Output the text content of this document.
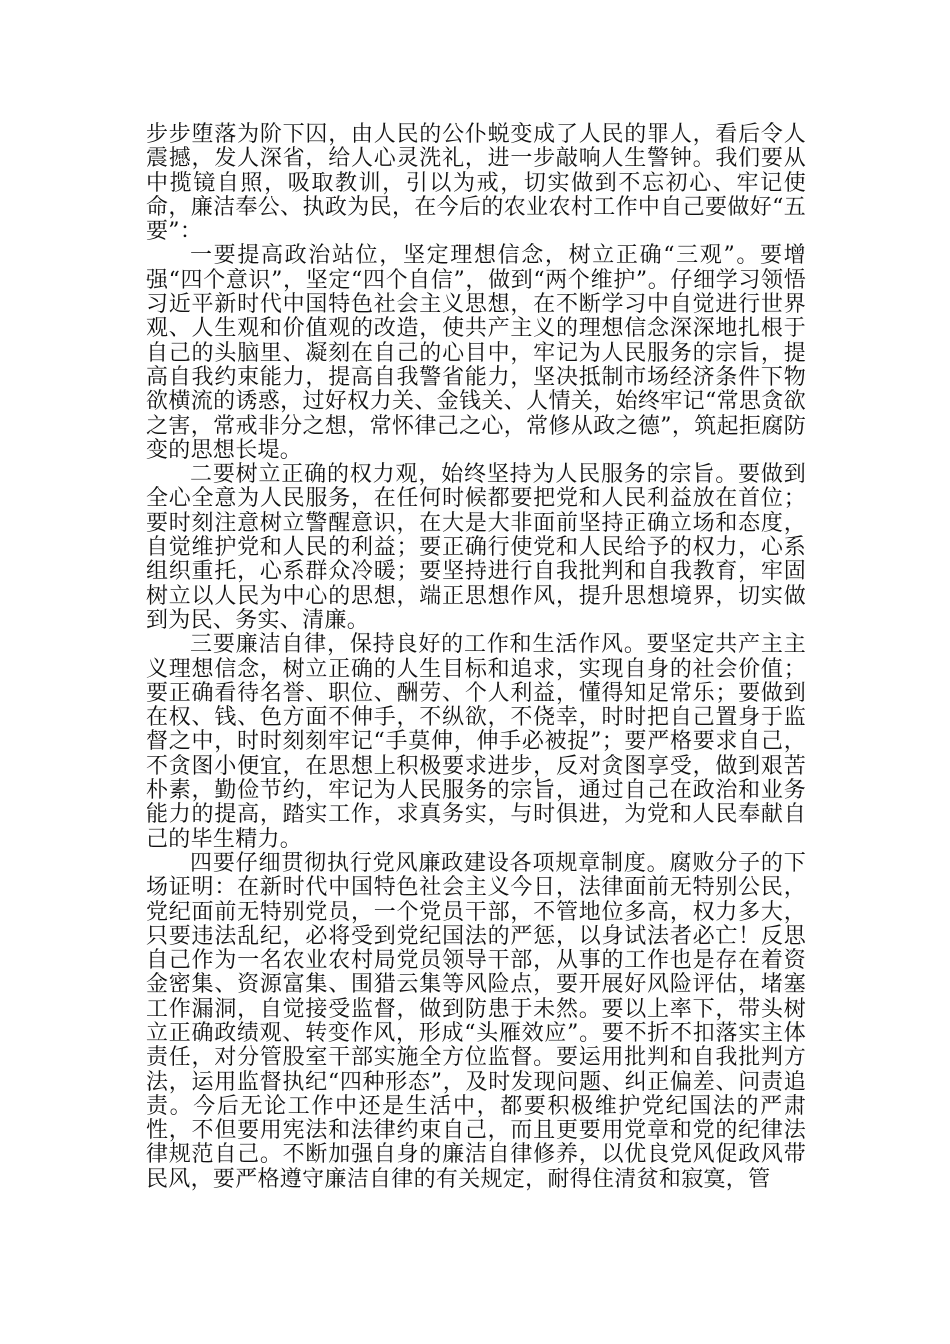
步步堕落为阶下囚，由人民的公仆蜕变成了人民的罪人，看后令人震撼，发人深省，给人心灵洗礼，进一步敲响人生警钟。我们要从中揽镜自照，吸取教训，引以为戒，切实做到不忘初心、牢记使命，廉洁奉公、执政为民，在今后的农业农村工作中自己要做好“五要”：

一要提高政治站位，坚定理想信念，树立正确“三观”。要增强“四个意识”，坚定“四个自信”，做到“两个维护”。仔细学习领悟习近平新时代中国特色社会主义思想，在不断学习中自觉进行世界观、人生观和价值观的改造，使共产主义的理想信念深深地扎根于自己的头脑里、凝刻在自己的心目中，牢记为人民服务的宗旨，提高自我约束能力，提高自我警省能力，坚决抵制市场经济条件下物欲横流的诱惑，过好权力关、金钱关、人情关，始终牢记“常思贪欲之害，常戒非分之想，常怀律己之心，常修从政之德”，筑起拒腐防变的思想长堤。

二要树立正确的权力观，始终坚持为人民服务的宗旨。要做到全心全意为人民服务，在任何时候都要把党和人民利益放在首位；要时刻注意树立警醒意识，在大是大非面前坚持正确立场和态度，自觉维护党和人民的利益；要正确行使党和人民给予的权力，心系组织重托，心系群众冷暖；要坚持进行自我批判和自我教育，牢固树立以人民为中心的思想，端正思想作风，提升思想境界，切实做到为民、务实、清廉。

三要廉洁自律，保持良好的工作和生活作风。要坚定共产主主义理想信念，树立正确的人生目标和追求，实现自身的社会价值；要正确看待名誉、职位、酬劳、个人利益，懂得知足常乐；要做到在权、钱、色方面不伸手，不纵欲，不侥幸，时时把自己置身于监督之中，时时刻刻牢记“手莫伸，伸手必被捉”；要严格要求自己，不贪图小便宜，在思想上积极要求进步，反对贪图享受，做到艰苦朴素，勤俭节约，牢记为人民服务的宗旨，通过自己在政治和业务能力的提高，踏实工作，求真务实，与时俱进，为党和人民奉献自己的毕生精力。

四要仔细贯彻执行党风廉政建设各项规章制度。腐败分子的下场证明：在新时代中国特色社会主义今日，法律面前无特别公民，党纪面前无特别党员，一个党员干部，不管地位多高，权力多大，只要违法乱纪，必将受到党纪国法的严惩，以身试法者必亡！反思自己作为一名农业农村局党员领导干部，从事的工作也是存在着资金密集、资源富集、围猎云集等风险点，要开展好风险评估，堵塞工作漏洞，自觉接受监督，做到防患于未然。要以上率下，带头树立正确政绩观、转变作风，形成“头雁效应”。要不折不扣落实主体责任，对分管股室干部实施全方位监督。要运用批判和自我批判方法，运用监督执纪“四种形态”，及时发现问题、纠正偏差、问责追责。今后无论工作中还是生活中，都要积极维护党纪国法的严肃性，不但要用宪法和法律约束自己，而且更要用党章和党的纪律法律规范自己。不断加强自身的廉洁自律修养，以优良党风促政风带民风，要严格遵守廉洁自律的有关规定，耐得住清贫和寂寞，管
